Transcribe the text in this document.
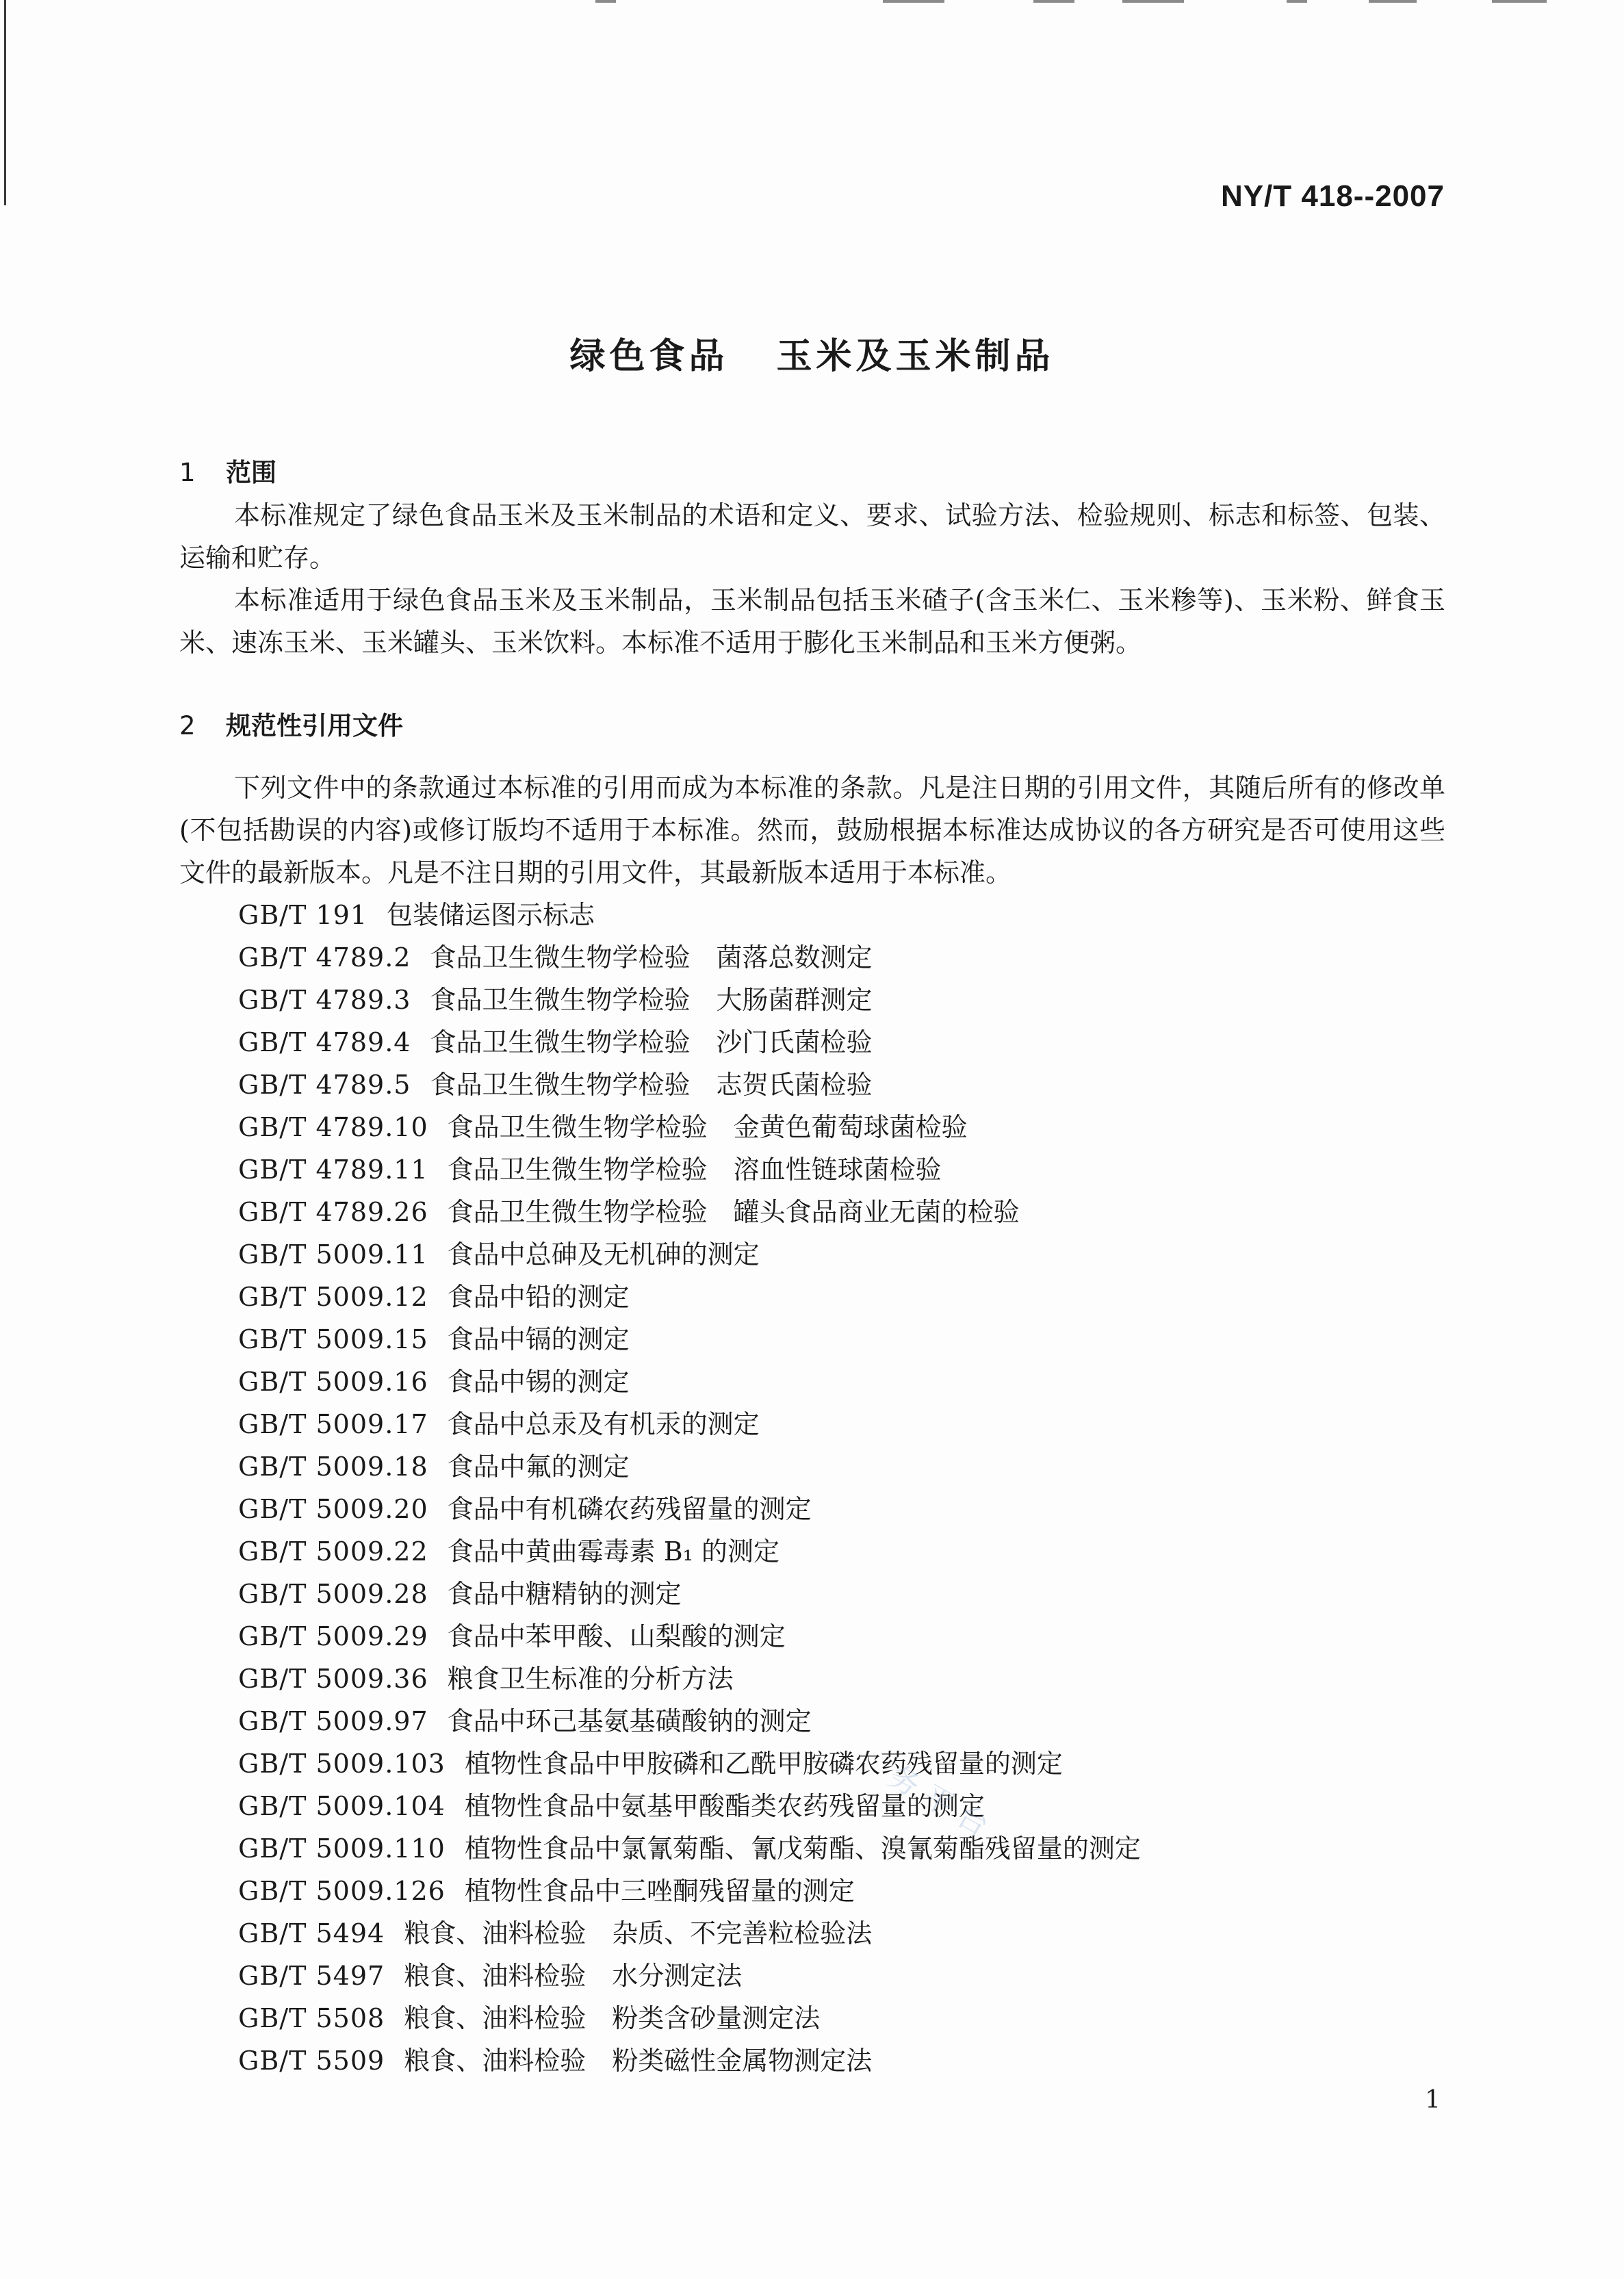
NY/T 418--2007
绿色食品 玉米及玉米制品
1 范围

本标准规定了绿色食品玉米及玉米制品的术语和定义、要求、试验方法、检验规则、标志和标签、包装、运输和贮存。

本标准适用于绿色食品玉米及玉米制品，玉米制品包括玉米碴子(含玉米仁、玉米糁等)、玉米粉、鲜食玉米、速冻玉米、玉米罐头、玉米饮料。本标准不适用于膨化玉米制品和玉米方便粥。

2 规范性引用文件

下列文件中的条款通过本标准的引用而成为本标准的条款。凡是注日期的引用文件，其随后所有的修改单(不包括勘误的内容)或修订版均不适用于本标准。然而，鼓励根据本标准达成协议的各方研究是否可使用这些文件的最新版本。凡是不注日期的引用文件，其最新版本适用于本标准。

GB/T 191 包装储运图示标志
GB/T 4789.2 食品卫生微生物学检验　菌落总数测定
GB/T 4789.3 食品卫生微生物学检验　大肠菌群测定
GB/T 4789.4 食品卫生微生物学检验　沙门氏菌检验
GB/T 4789.5 食品卫生微生物学检验　志贺氏菌检验
GB/T 4789.10 食品卫生微生物学检验　金黄色葡萄球菌检验
GB/T 4789.11 食品卫生微生物学检验　溶血性链球菌检验
GB/T 4789.26 食品卫生微生物学检验　罐头食品商业无菌的检验
GB/T 5009.11 食品中总砷及无机砷的测定
GB/T 5009.12 食品中铅的测定
GB/T 5009.15 食品中镉的测定
GB/T 5009.16 食品中锡的测定
GB/T 5009.17 食品中总汞及有机汞的测定
GB/T 5009.18 食品中氟的测定
GB/T 5009.20 食品中有机磷农药残留量的测定
GB/T 5009.22 食品中黄曲霉毒素 B₁ 的测定
GB/T 5009.28 食品中糖精钠的测定
GB/T 5009.29 食品中苯甲酸、山梨酸的测定
GB/T 5009.36 粮食卫生标准的分析方法
GB/T 5009.97 食品中环己基氨基磺酸钠的测定
GB/T 5009.103 植物性食品中甲胺磷和乙酰甲胺磷农药残留量的测定
GB/T 5009.104 植物性食品中氨基甲酸酯类农药残留量的测定
GB/T 5009.110 植物性食品中氯氰菊酯、氰戊菊酯、溴氰菊酯残留量的测定
GB/T 5009.126 植物性食品中三唑酮残留量的测定
GB/T 5494 粮食、油料检验　杂质、不完善粒检验法
GB/T 5497 粮食、油料检验　水分测定法
GB/T 5508 粮食、油料检验　粉类含砂量测定法
GB/T 5509 粮食、油料检验　粉类磁性金属物测定法
务平台
1
